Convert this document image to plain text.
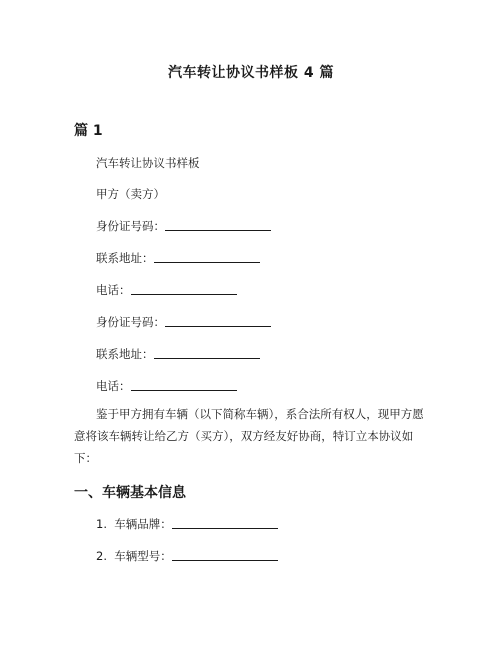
汽车转让协议书样板 4 篇
篇 1
汽车转让协议书样板
甲方（卖方）
身份证号码：
联系地址：
电话：
身份证号码：
联系地址：
电话：
鉴于甲方拥有车辆（以下简称车辆），系合法所有权人，现甲方愿意将该车辆转让给乙方（买方），双方经友好协商，特订立本协议如下：
一、车辆基本信息
1. 车辆品牌：
2. 车辆型号：
